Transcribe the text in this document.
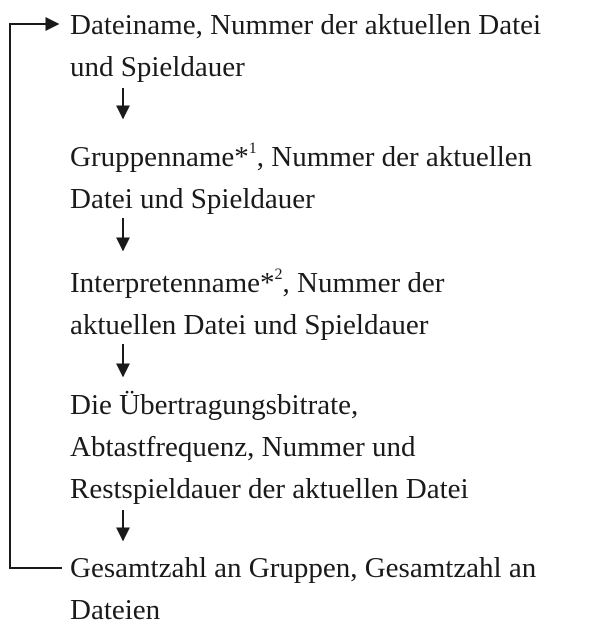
Dateiname, Nummer der aktuellen Datei
und Spieldauer
Gruppenname*$^1$, Nummer der aktuellen
Datei und Spieldauer
Interpretenname*$^2$, Nummer der
aktuellen Datei und Spieldauer
Die Übertragungsbitrate,
Abtastfrequenz, Nummer und
Restspieldauer der aktuellen Datei
Gesamtzahl an Gruppen, Gesamtzahl an
Dateien
